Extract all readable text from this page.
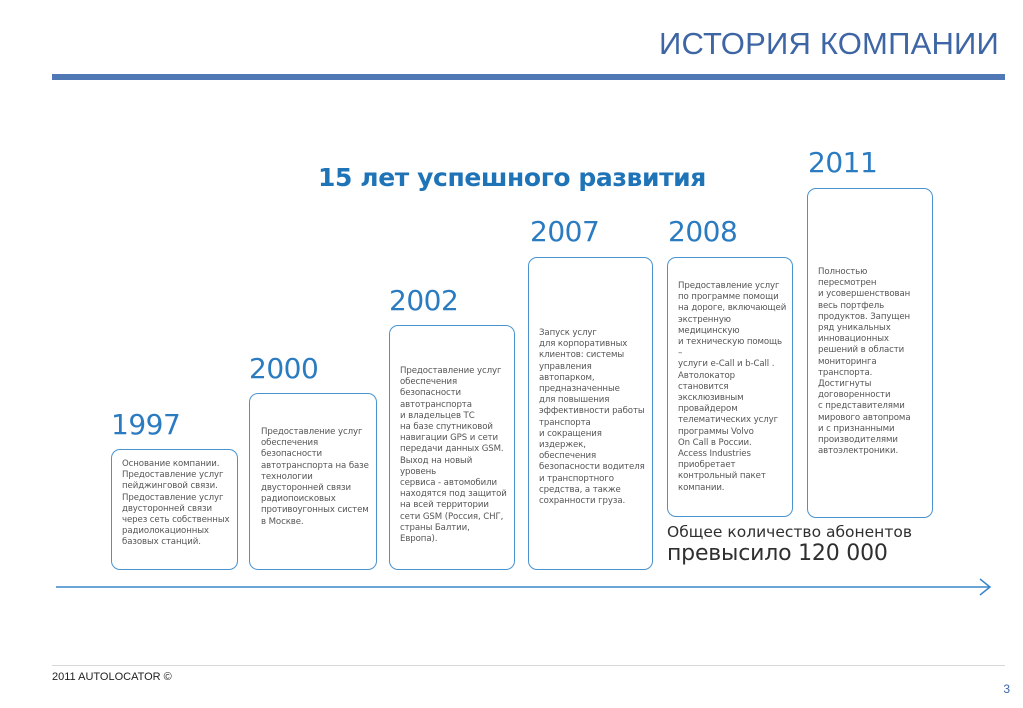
ИСТОРИЯ КОМПАНИИ
15 лет успешного развития
1997
Основание компании.
Предоставление услуг
пейджинговой связи.
Предоставление услуг
двусторонней связи
через сеть собственных
радиолокационных
базовых станций.
2000
Предоставление услуг
обеспечения
безопасности
автотранспорта на базе
технологии
двусторонней связи
радиопоисковых
противоугонных систем
в Москве.
2002
Предоставление услуг
обеспечения
безопасности
автотранспорта
и владельцев ТС
на базе спутниковой
навигации GPS и сети
передачи данных GSM.
Выход на новый уровень
сервиса - автомобили
находятся под защитой
на всей территории
сети GSM (Россия, СНГ,
страны Балтии, Европа).
2007
Запуск услуг
для корпоративных
клиентов: системы
управления автопарком,
предназначенные
для повышения
эффективности работы
транспорта
и сокращения издержек,
обеспечения
безопасности водителя
и транспортного
средства, а также
сохранности груза.
2008
Предоставление услуг
по программе помощи
на дороге, включающей
экстренную
медицинскую
и техническую помощь –
услуги e-Call и b-Call .
Автолокатор становится
эксклюзивным
провайдером
телематических услуг
программы Volvo
On Call в России.
Access Industries
приобретает
контрольный пакет
компании.
2011
Полностью пересмотрен
и усовершенствован
весь портфель
продуктов. Запущен
ряд уникальных
инновационных
решений в области
мониторинга
транспорта. Достигнуты
договоренности
с представителями
мирового автопрома
и с признанными
производителями
автоэлектроники.
Общее количество абонентов
превысило 120 000
2011 AUTOLOCATOR ©
3
